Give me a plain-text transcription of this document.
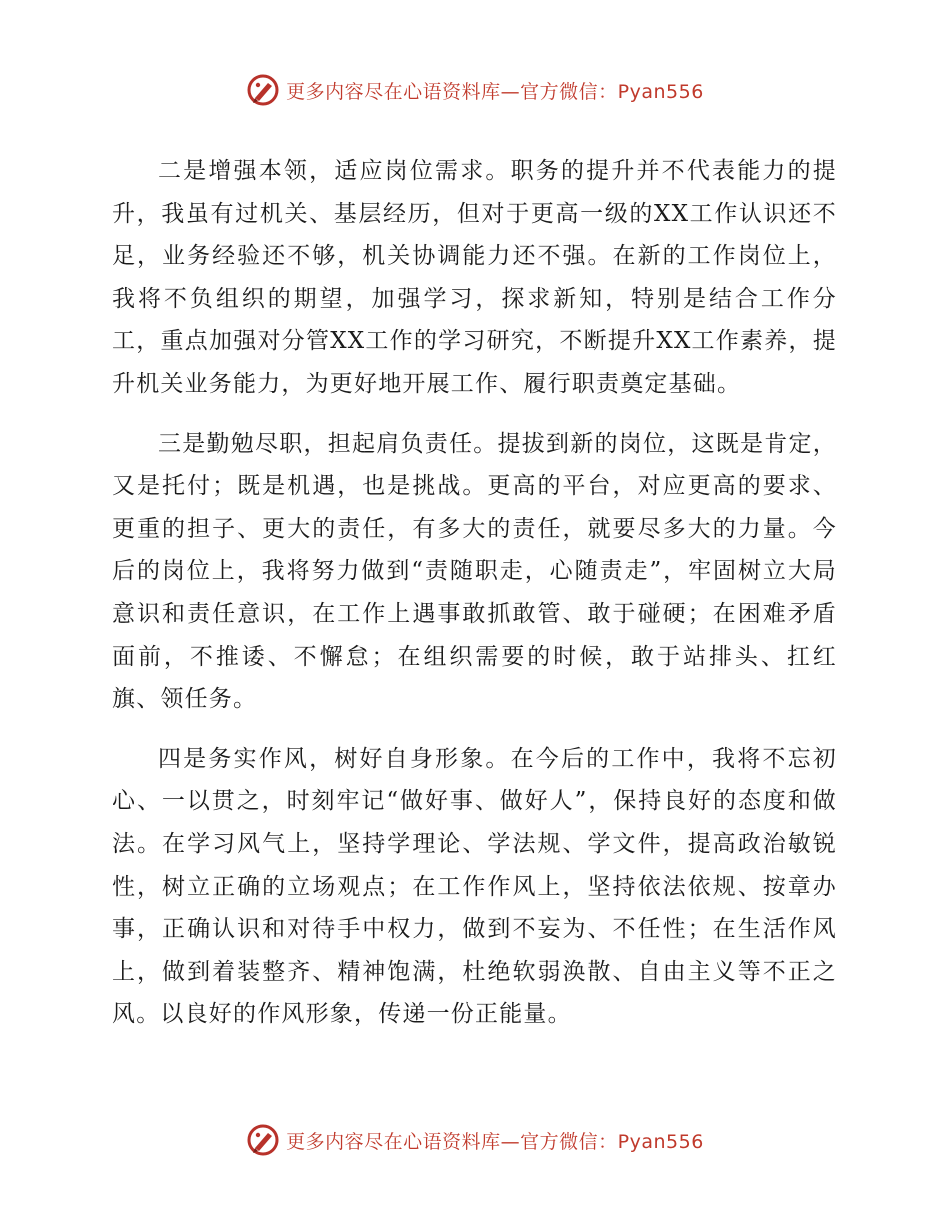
更多内容尽在心语资料库—官方微信：Pyan556

二是增强本领，适应岗位需求。职务的提升并不代表能力的提升，我虽有过机关、基层经历，但对于更高一级的XX工作认识还不足，业务经验还不够，机关协调能力还不强。在新的工作岗位上，我将不负组织的期望，加强学习，探求新知，特别是结合工作分工，重点加强对分管XX工作的学习研究，不断提升XX工作素养，提升机关业务能力，为更好地开展工作、履行职责奠定基础。

三是勤勉尽职，担起肩负责任。提拔到新的岗位，这既是肯定，又是托付；既是机遇，也是挑战。更高的平台，对应更高的要求、更重的担子、更大的责任，有多大的责任，就要尽多大的力量。今后的岗位上，我将努力做到“责随职走，心随责走”，牢固树立大局意识和责任意识，在工作上遇事敢抓敢管、敢于碰硬；在困难矛盾面前，不推诿、不懈怠；在组织需要的时候，敢于站排头、扛红旗、领任务。

四是务实作风，树好自身形象。在今后的工作中，我将不忘初心、一以贯之，时刻牢记“做好事、做好人”，保持良好的态度和做法。在学习风气上，坚持学理论、学法规、学文件，提高政治敏锐性，树立正确的立场观点；在工作作风上，坚持依法依规、按章办事，正确认识和对待手中权力，做到不妄为、不任性；在生活作风上，做到着装整齐、精神饱满，杜绝软弱涣散、自由主义等不正之风。以良好的作风形象，传递一份正能量。

更多内容尽在心语资料库—官方微信：Pyan556
